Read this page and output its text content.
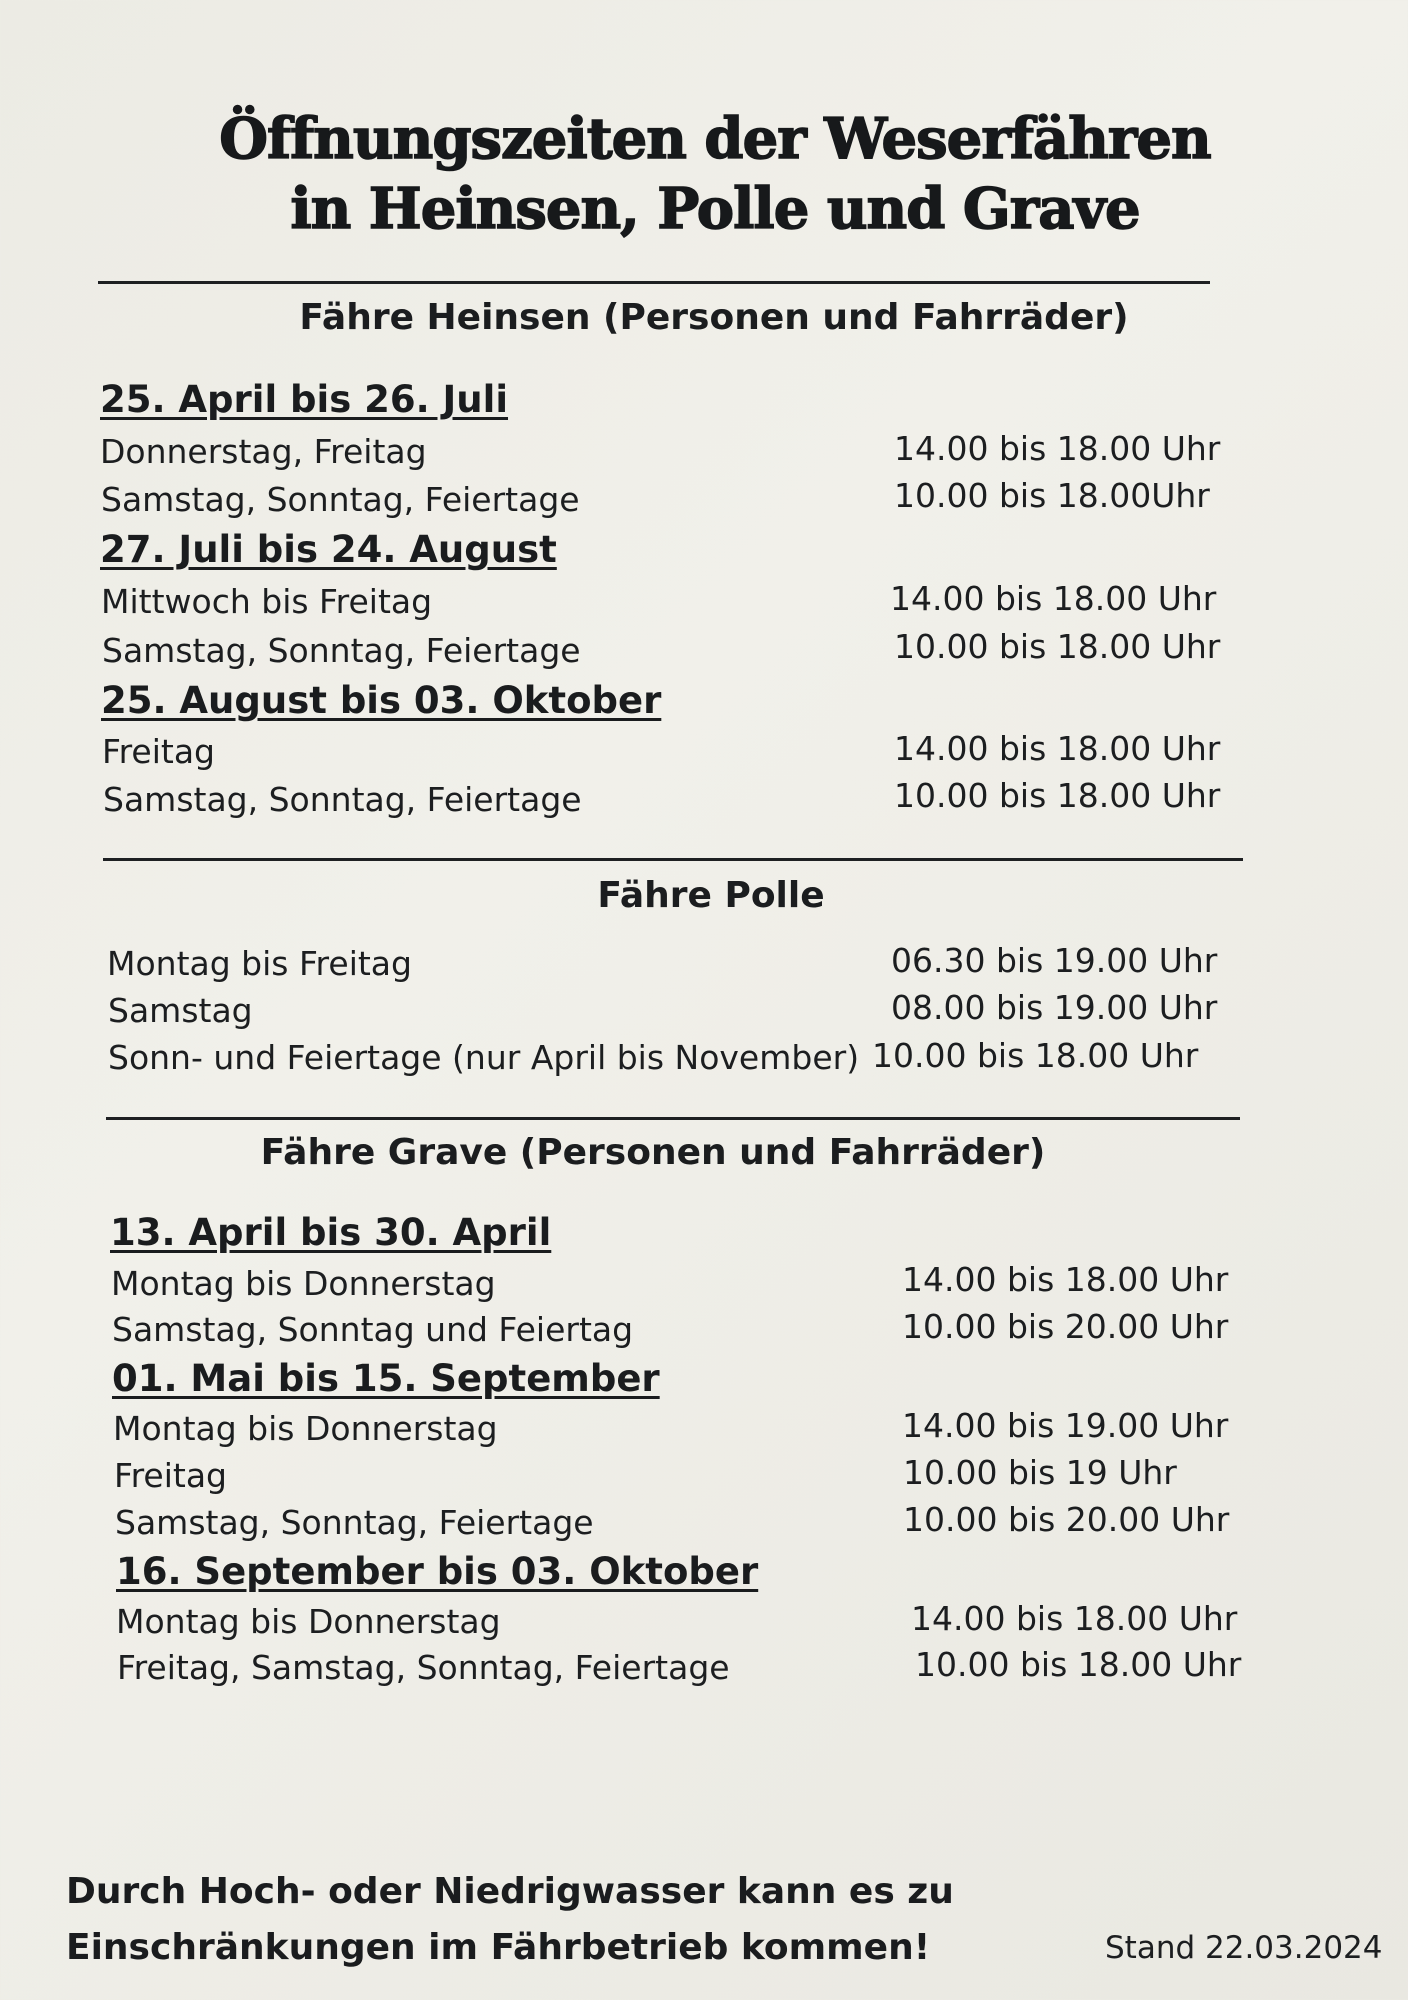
Öffnungszeiten der Weserfähren
in Heinsen, Polle und Grave
Fähre Heinsen (Personen und Fahrräder)
25. April bis 26. Juli
Donnerstag, Freitag	14.00 bis 18.00 Uhr
Samstag, Sonntag, Feiertage	10.00 bis 18.00Uhr
27. Juli bis 24. August
Mittwoch bis Freitag	14.00 bis 18.00 Uhr
Samstag, Sonntag, Feiertage	10.00 bis 18.00 Uhr
25. August bis 03. Oktober
Freitag	14.00 bis 18.00 Uhr
Samstag, Sonntag, Feiertage	10.00 bis 18.00 Uhr
Fähre Polle
Montag bis Freitag	06.30 bis 19.00 Uhr
Samstag	08.00 bis 19.00 Uhr
Sonn- und Feiertage (nur April bis November) 10.00 bis 18.00 Uhr
Fähre Grave (Personen und Fahrräder)
13. April bis 30. April
Montag bis Donnerstag	14.00 bis 18.00 Uhr
Samstag, Sonntag und Feiertag	10.00 bis 20.00 Uhr
01. Mai bis 15. September
Montag bis Donnerstag	14.00 bis 19.00 Uhr
Freitag	10.00 bis 19 Uhr
Samstag, Sonntag, Feiertage	10.00 bis 20.00 Uhr
16. September bis 03. Oktober
Montag bis Donnerstag	14.00 bis 18.00 Uhr
Freitag, Samstag, Sonntag, Feiertage	10.00 bis 18.00 Uhr
Durch Hoch- oder Niedrigwasser kann es zu
Einschränkungen im Fährbetrieb kommen!	Stand 22.03.2024
